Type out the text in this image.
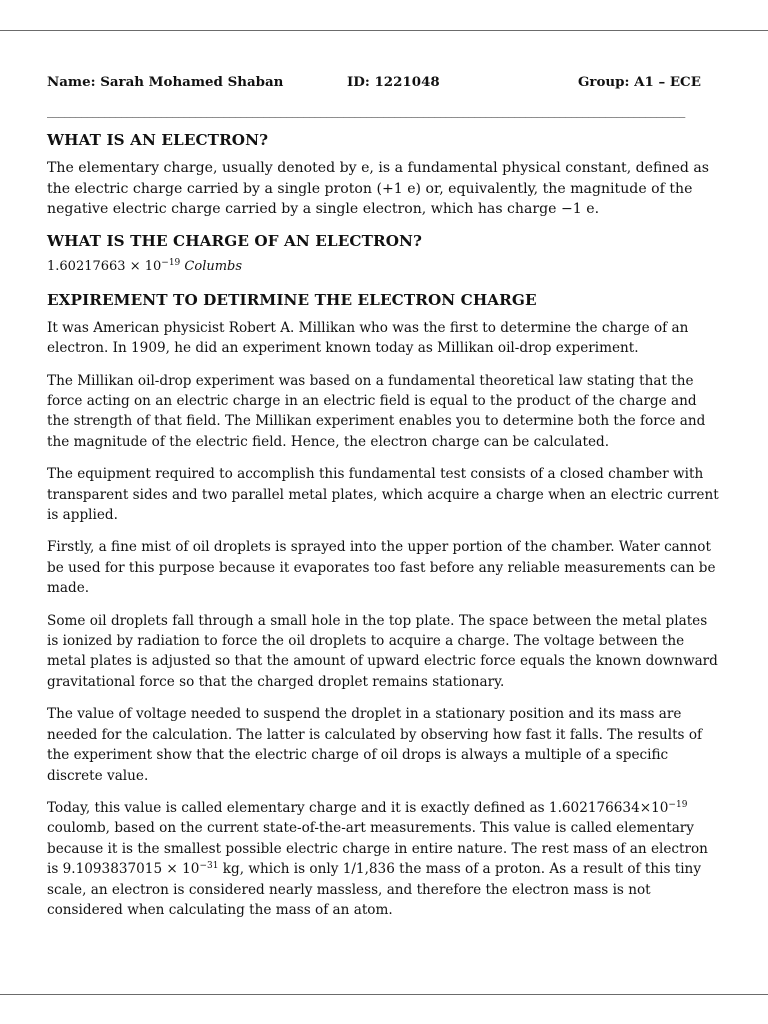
Name: Sarah Mohamed Shaban	ID: 1221048	Group: A1 – ECE
________________________________________________________________________________________________________________
WHAT IS AN ELECTRON?

The elementary charge, usually denoted by e, is a fundamental physical constant, defined as the electric charge carried by a single proton (+1 e) or, equivalently, the magnitude of the negative electric charge carried by a single electron, which has charge −1 e.

WHAT IS THE CHARGE OF AN ELECTRON?
$1.60217663 \times 10^{-19}$ Columbs
EXPIREMENT TO DETIRMINE THE ELECTRON CHARGE

It was American physicist Robert A. Millikan who was the first to determine the charge of an electron. In 1909, he did an experiment known today as Millikan oil-drop experiment.

The Millikan oil-drop experiment was based on a fundamental theoretical law stating that the force acting on an electric charge in an electric field is equal to the product of the charge and the strength of that field. The Millikan experiment enables you to determine both the force and the magnitude of the electric field. Hence, the electron charge can be calculated.

The equipment required to accomplish this fundamental test consists of a closed chamber with transparent sides and two parallel metal plates, which acquire a charge when an electric current is applied.

Firstly, a fine mist of oil droplets is sprayed into the upper portion of the chamber. Water cannot be used for this purpose because it evaporates too fast before any reliable measurements can be made.

Some oil droplets fall through a small hole in the top plate. The space between the metal plates is ionized by radiation to force the oil droplets to acquire a charge. The voltage between the metal plates is adjusted so that the amount of upward electric force equals the known downward gravitational force so that the charged droplet remains stationary.

The value of voltage needed to suspend the droplet in a stationary position and its mass are needed for the calculation. The latter is calculated by observing how fast it falls. The results of the experiment show that the electric charge of oil drops is always a multiple of a specific discrete value.

Today, this value is called elementary charge and it is exactly defined as $1.602176634\times 10^{-19}$ coulomb, based on the current state-of-the-art measurements. This value is called elementary because it is the smallest possible electric charge in entire nature. The rest mass of an electron is $9.1093837015 \times 10^{-31}$ kg, which is only 1/1,836 the mass of a proton. As a result of this tiny scale, an electron is considered nearly massless, and therefore the electron mass is not considered when calculating the mass of an atom.
